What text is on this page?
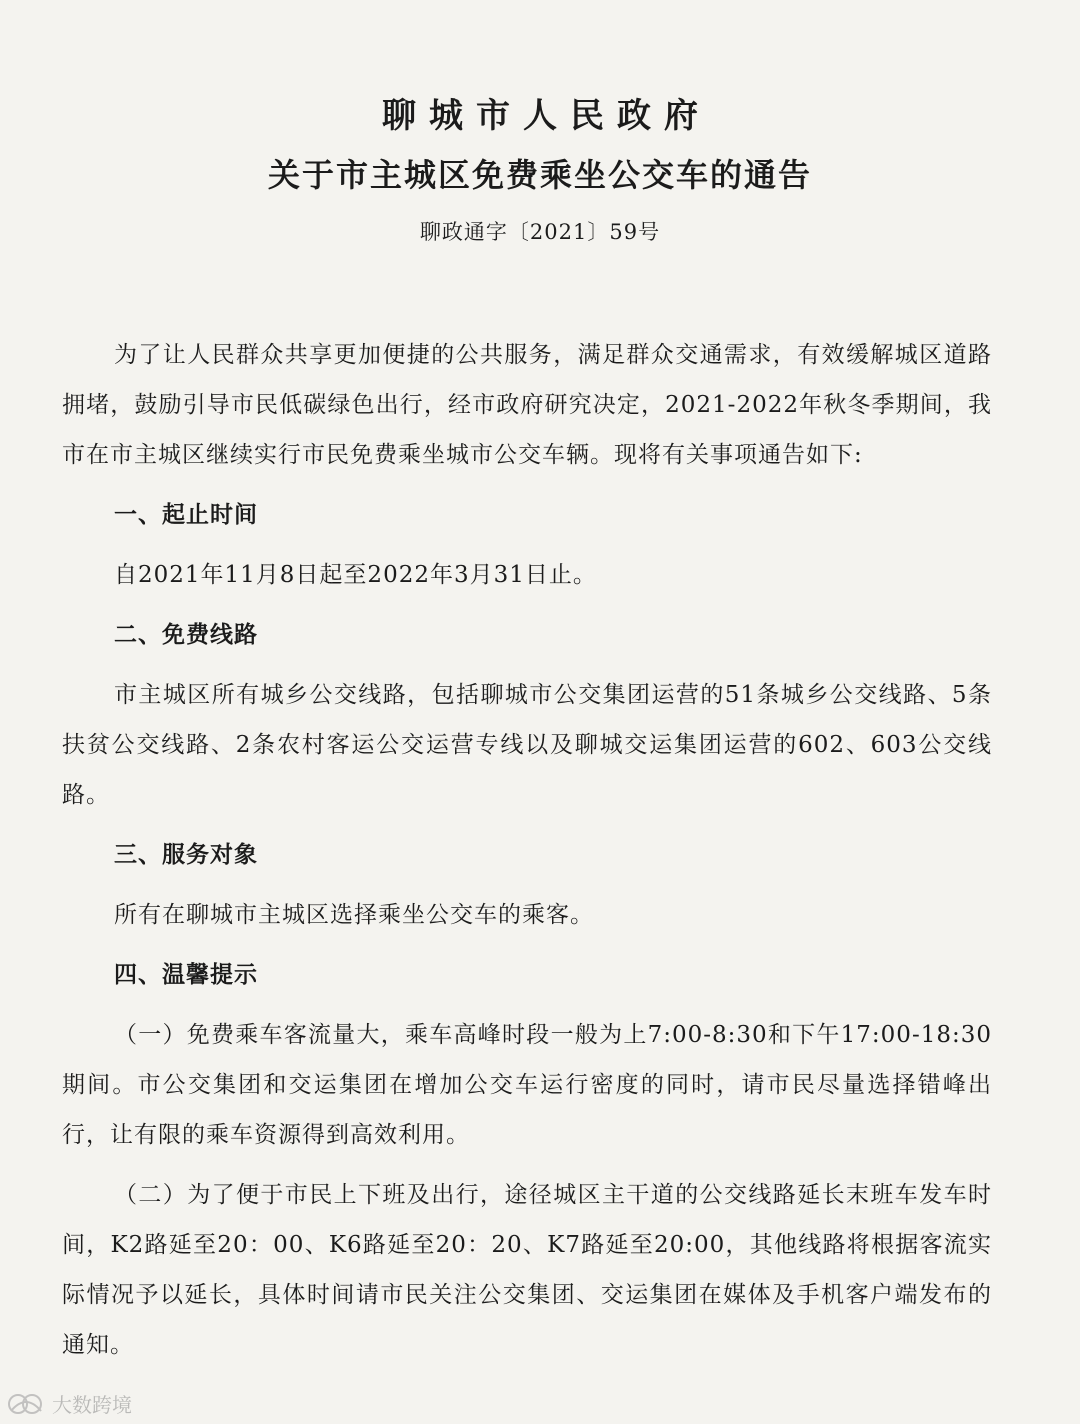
聊城市人民政府
关于市主城区免费乘坐公交车的通告
聊政通字〔2021〕59号

为了让人民群众共享更加便捷的公共服务，满足群众交通需求，有效缓解城区道路拥堵，鼓励引导市民低碳绿色出行，经市政府研究决定，2021-2022年秋冬季期间，我市在市主城区继续实行市民免费乘坐城市公交车辆。现将有关事项通告如下:

一、起止时间

自2021年11月8日起至2022年3月31日止。

二、免费线路

市主城区所有城乡公交线路，包括聊城市公交集团运营的51条城乡公交线路、5条扶贫公交线路、2条农村客运公交运营专线以及聊城交运集团运营的602、603公交线路。

三、服务对象

所有在聊城市主城区选择乘坐公交车的乘客。

四、温馨提示

（一）免费乘车客流量大，乘车高峰时段一般为上7:00-8:30和下午17:00-18:30期间。市公交集团和交运集团在增加公交车运行密度的同时，请市民尽量选择错峰出行，让有限的乘车资源得到高效利用。

（二）为了便于市民上下班及出行，途径城区主干道的公交线路延长末班车发车时间，K2路延至20：00、K6路延至20：20、K7路延至20:00，其他线路将根据客流实际情况予以延长，具体时间请市民关注公交集团、交运集团在媒体及手机客户端发布的通知。

大数跨境
